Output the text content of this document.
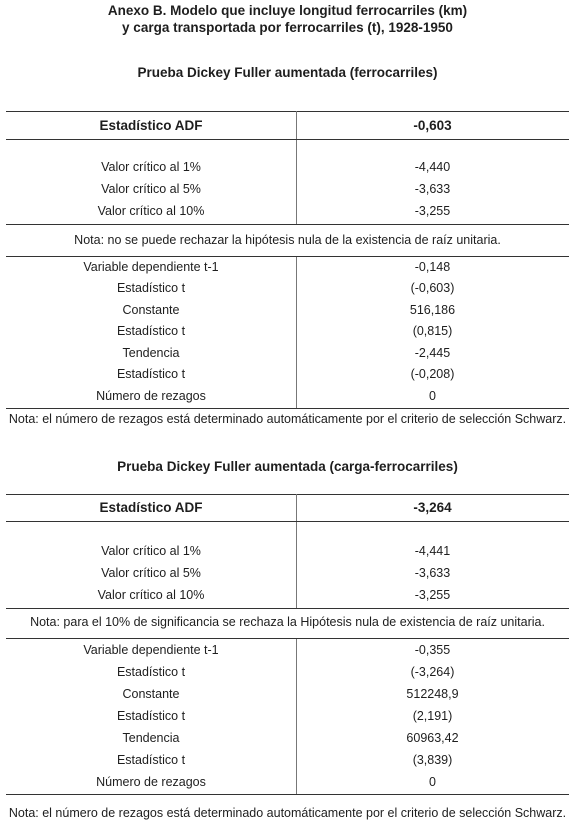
Anexo B. Modelo que incluye longitud ferrocarriles (km)
y carga transportada por ferrocarriles (t), 1928-1950
Prueba Dickey Fuller aumentada (ferrocarriles)
Estadístico ADF	-0,603
Valor crítico al 1%	-4,440
Valor crítico al 5%	-3,633
Valor crítico al 10%	-3,255
Nota: no se puede rechazar la hipótesis nula de la existencia de raíz unitaria.
Variable dependiente t-1	-0,148
Estadístico t	(-0,603)
Constante	516,186
Estadístico t	(0,815)
Tendencia	-2,445
Estadístico t	(-0,208)
Número de rezagos	0
Nota: el número de rezagos está determinado automáticamente por el criterio de selección Schwarz.
Prueba Dickey Fuller aumentada (carga-ferrocarriles)
Estadístico ADF	-3,264
Valor crítico al 1%	-4,441
Valor crítico al 5%	-3,633
Valor crítico al 10%	-3,255
Nota: para el 10% de significancia se rechaza la Hipótesis nula de existencia de raíz unitaria.
Variable dependiente t-1	-0,355
Estadístico t	(-3,264)
Constante	512248,9
Estadístico t	(2,191)
Tendencia	60963,42
Estadístico t	(3,839)
Número de rezagos	0
Nota: el número de rezagos está determinado automáticamente por el criterio de selección Schwarz.
